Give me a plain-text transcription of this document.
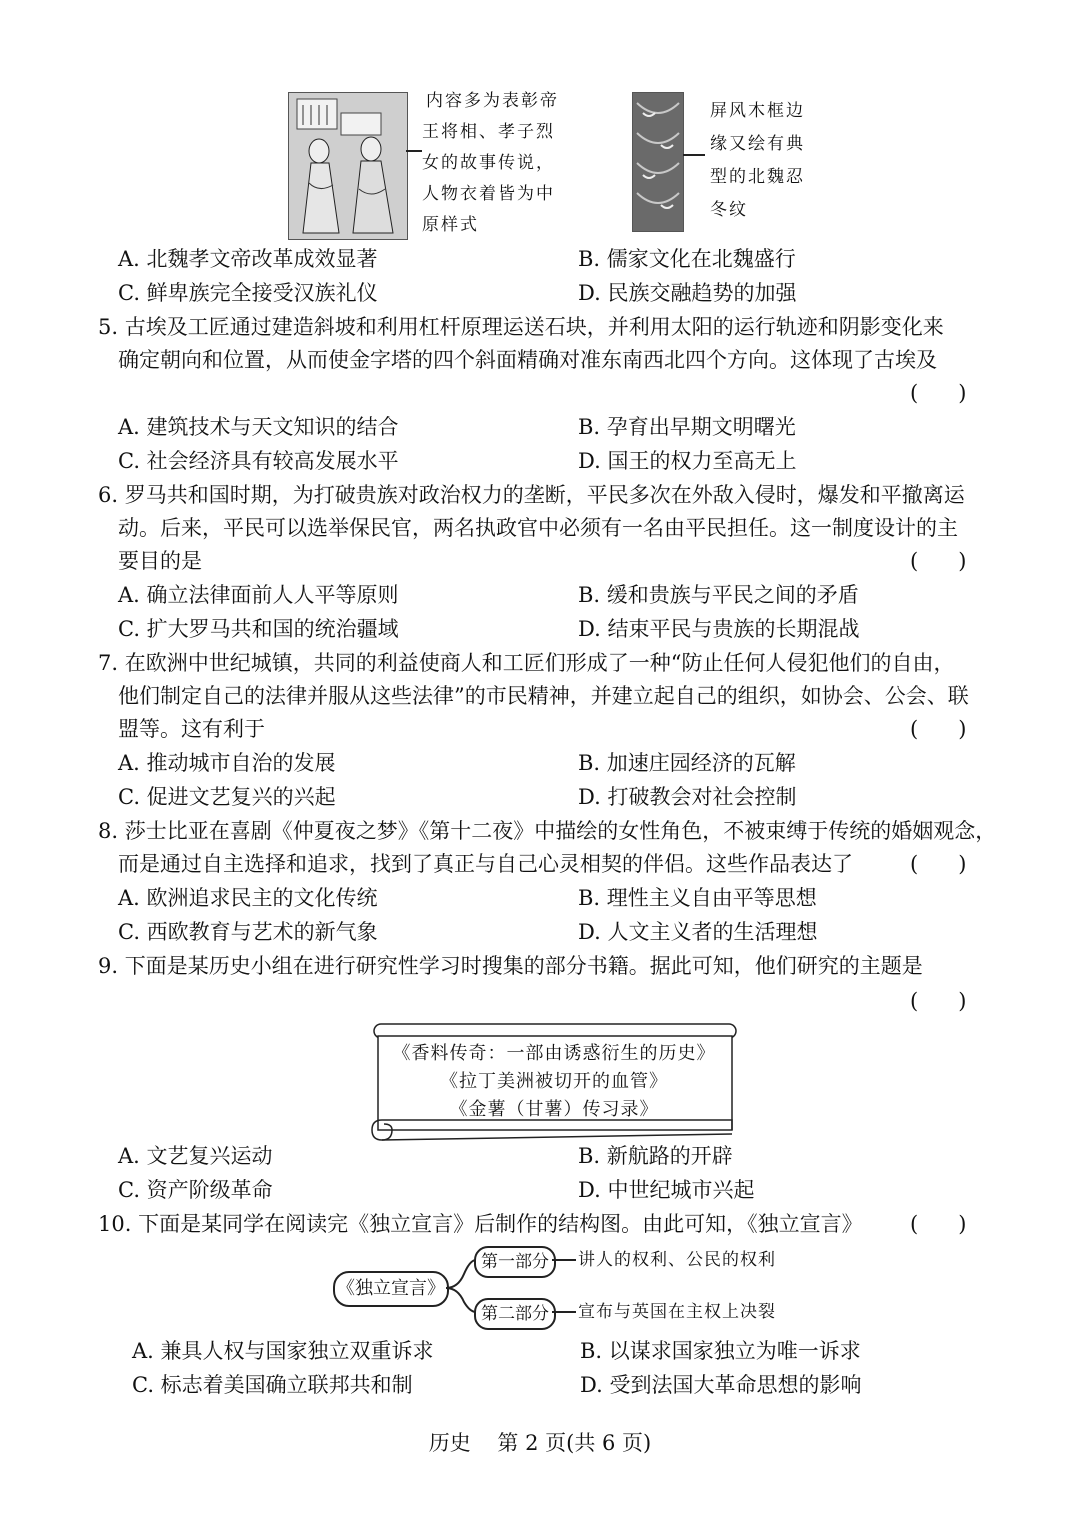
内容多为表彰帝
王将相、孝子烈
女的故事传说，
人物衣着皆为中
原样式
屏风木框边
缘又绘有典
型的北魏忍
冬纹
A. 北魏孝文帝改革成效显著	B. 儒家文化在北魏盛行
C. 鲜卑族完全接受汉族礼仪	D. 民族交融趋势的加强
5. 古埃及工匠通过建造斜坡和利用杠杆原理运送石块，并利用太阳的运行轨迹和阴影变化来
确定朝向和位置，从而使金字塔的四个斜面精确对准东南西北四个方向。这体现了古埃及
(      )
A. 建筑技术与天文知识的结合	B. 孕育出早期文明曙光
C. 社会经济具有较高发展水平	D. 国王的权力至高无上
6. 罗马共和国时期，为打破贵族对政治权力的垄断，平民多次在外敌入侵时，爆发和平撤离运
动。后来，平民可以选举保民官，两名执政官中必须有一名由平民担任。这一制度设计的主
要目的是	(      )
A. 确立法律面前人人平等原则	B. 缓和贵族与平民之间的矛盾
C. 扩大罗马共和国的统治疆域	D. 结束平民与贵族的长期混战
7. 在欧洲中世纪城镇，共同的利益使商人和工匠们形成了一种“防止任何人侵犯他们的自由，
他们制定自己的法律并服从这些法律”的市民精神，并建立起自己的组织，如协会、公会、联
盟等。这有利于	(      )
A. 推动城市自治的发展	B. 加速庄园经济的瓦解
C. 促进文艺复兴的兴起	D. 打破教会对社会控制
8. 莎士比亚在喜剧《仲夏夜之梦》《第十二夜》中描绘的女性角色，不被束缚于传统的婚姻观念，
而是通过自主选择和追求，找到了真正与自己心灵相契的伴侣。这些作品表达了	(      )
A. 欧洲追求民主的文化传统	B. 理性主义自由平等思想
C. 西欧教育与艺术的新气象	D. 人文主义者的生活理想
9. 下面是某历史小组在进行研究性学习时搜集的部分书籍。据此可知，他们研究的主题是
(      )
《香料传奇：一部由诱惑衍生的历史》
《拉丁美洲被切开的血管》
《金薯（甘薯）传习录》
A. 文艺复兴运动	B. 新航路的开辟
C. 资产阶级革命	D. 中世纪城市兴起
10. 下面是某同学在阅读完《独立宣言》后制作的结构图。由此可知，《独立宣言》 (      )
《独立宣言》
第一部分	讲人的权利、公民的权利
第二部分	宣布与英国在主权上决裂
A. 兼具人权与国家独立双重诉求	B. 以谋求国家独立为唯一诉求
C. 标志着美国确立联邦共和制	D. 受到法国大革命思想的影响
历史    第 2 页(共 6 页)
